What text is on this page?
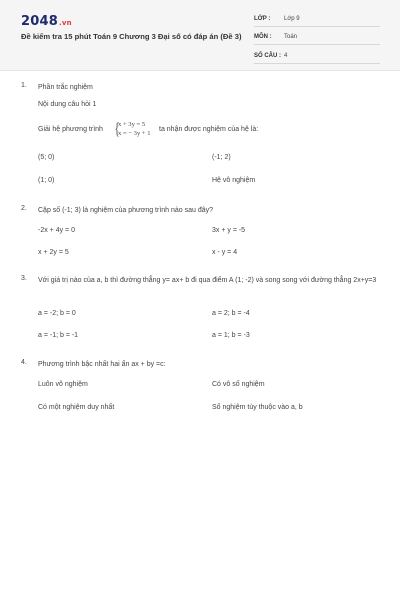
2048.vn
Đề kiểm tra 15 phút Toán 9 Chương 3 Đại số có đáp án (Đề 3)
LỚP :	Lớp 9
MÔN :	Toán
SỐ CÂU : 4
1. Phần trắc nghiệm
Nội dung câu hỏi 1
Giải hệ phương trình {
x + 3y = 5
x = − 3y + 1
ta nhận được nghiệm của hệ là:
(5; 0)	(-1; 2)
(1; 0)	Hệ vô nghiệm
2. Cặp số (-1; 3) là nghiệm của phương trình nào sau đây?
-2x + 4y = 0	3x + y = -5
x + 2y = 5	x - y = 4
3. Với giá trị nào của a, b thì đường thẳng y= ax+ b đi qua điểm A (1; -2) và song song với đường thẳng 2x+y=3
a = -2; b = 0	a = 2; b = -4
a = -1; b = -1	a = 1; b = -3
4. Phương trình bậc nhất hai ẩn ax + by =c:
Luôn vô nghiệm	Có vô số nghiệm
Có một nghiệm duy nhất	Số nghiệm tùy thuộc vào a, b
